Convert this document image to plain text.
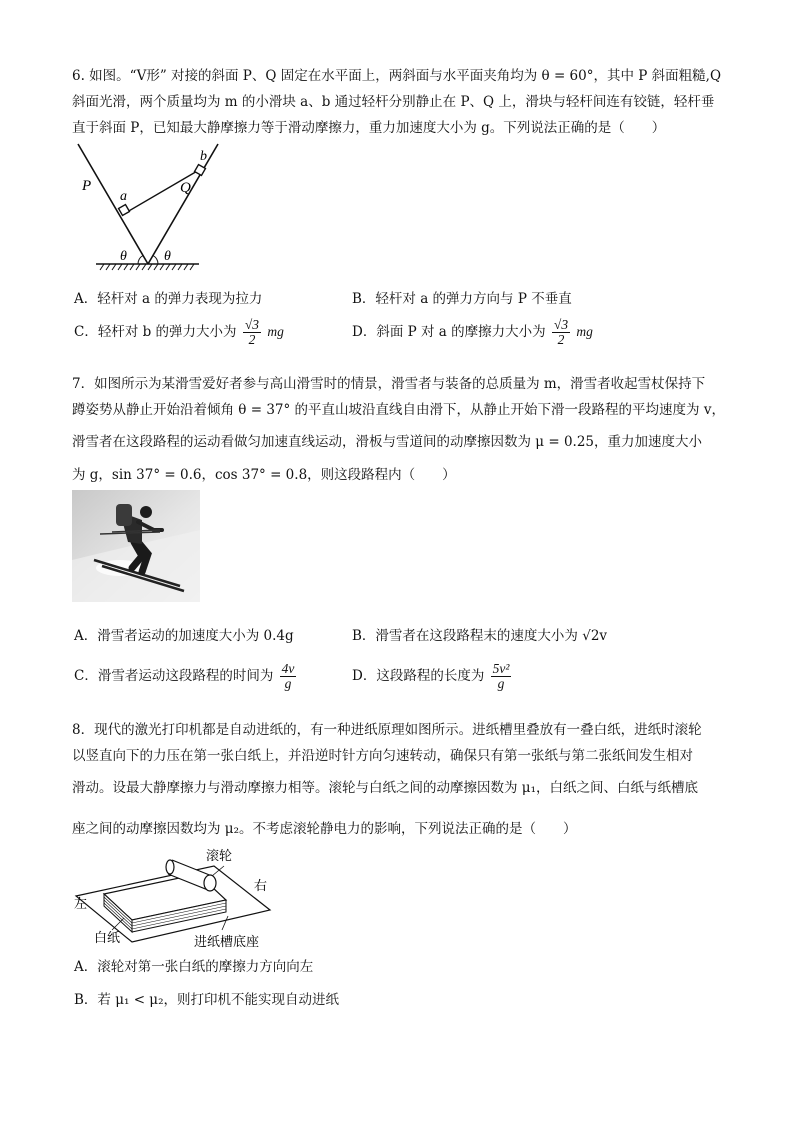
6. 如图。“V形” 对接的斜面 P、Q 固定在水平面上，两斜面与水平面夹角均为 θ = 60°，其中 P 斜面粗糙,Q
斜面光滑，两个质量均为 m 的小滑块 a、b 通过轻杆分别静止在 P、Q 上，滑块与轻杆间连有铰链，轻杆垂
直于斜面 P，已知最大静摩擦力等于滑动摩擦力，重力加速度大小为 g。下列说法正确的是（　　）
P	Q
a
b
θ	θ
A．轻杆对 a 的弹力表现为拉力	B．轻杆对 a 的弹力方向与 P 不垂直
C．轻杆对 b 的弹力大小为 $\frac{√3}{2}$ mg	D．斜面 P 对 a 的摩擦力大小为 $\frac{√3}{2}$ mg
7．如图所示为某滑雪爱好者参与高山滑雪时的情景，滑雪者与装备的总质量为 m，滑雪者收起雪杖保持下
蹲姿势从静止开始沿着倾角 θ = 37° 的平直山坡沿直线自由滑下，从静止开始下滑一段路程的平均速度为 v，
滑雪者在这段路程的运动看做匀加速直线运动，滑板与雪道间的动摩擦因数为 μ = 0.25，重力加速度大小
为 g，sin 37° = 0.6，cos 37° = 0.8，则这段路程内（　　）
A．滑雪者运动的加速度大小为 0.4g	B．滑雪者在这段路程末的速度大小为 √2v
C．滑雪者运动这段路程的时间为 $\frac{4v}{g}$	D．这段路程的长度为 $\frac{\text{5v²}}{g}$
8．现代的激光打印机都是自动进纸的，有一种进纸原理如图所示。进纸槽里叠放有一叠白纸，进纸时滚轮
以竖直向下的力压在第一张白纸上，并沿逆时针方向匀速转动，确保只有第一张纸与第二张纸间发生相对
滑动。设最大静摩擦力与滑动摩擦力相等。滚轮与白纸之间的动摩擦因数为 μ₁，白纸之间、白纸与纸槽底
座之间的动摩擦因数均为 μ₂。不考虑滚轮静电力的影响，下列说法正确的是（　　）
滚轮
右
左
白纸	进纸槽底座
A．滚轮对第一张白纸的摩擦力方向向左
B．若 μ₁ < μ₂，则打印机不能实现自动进纸
